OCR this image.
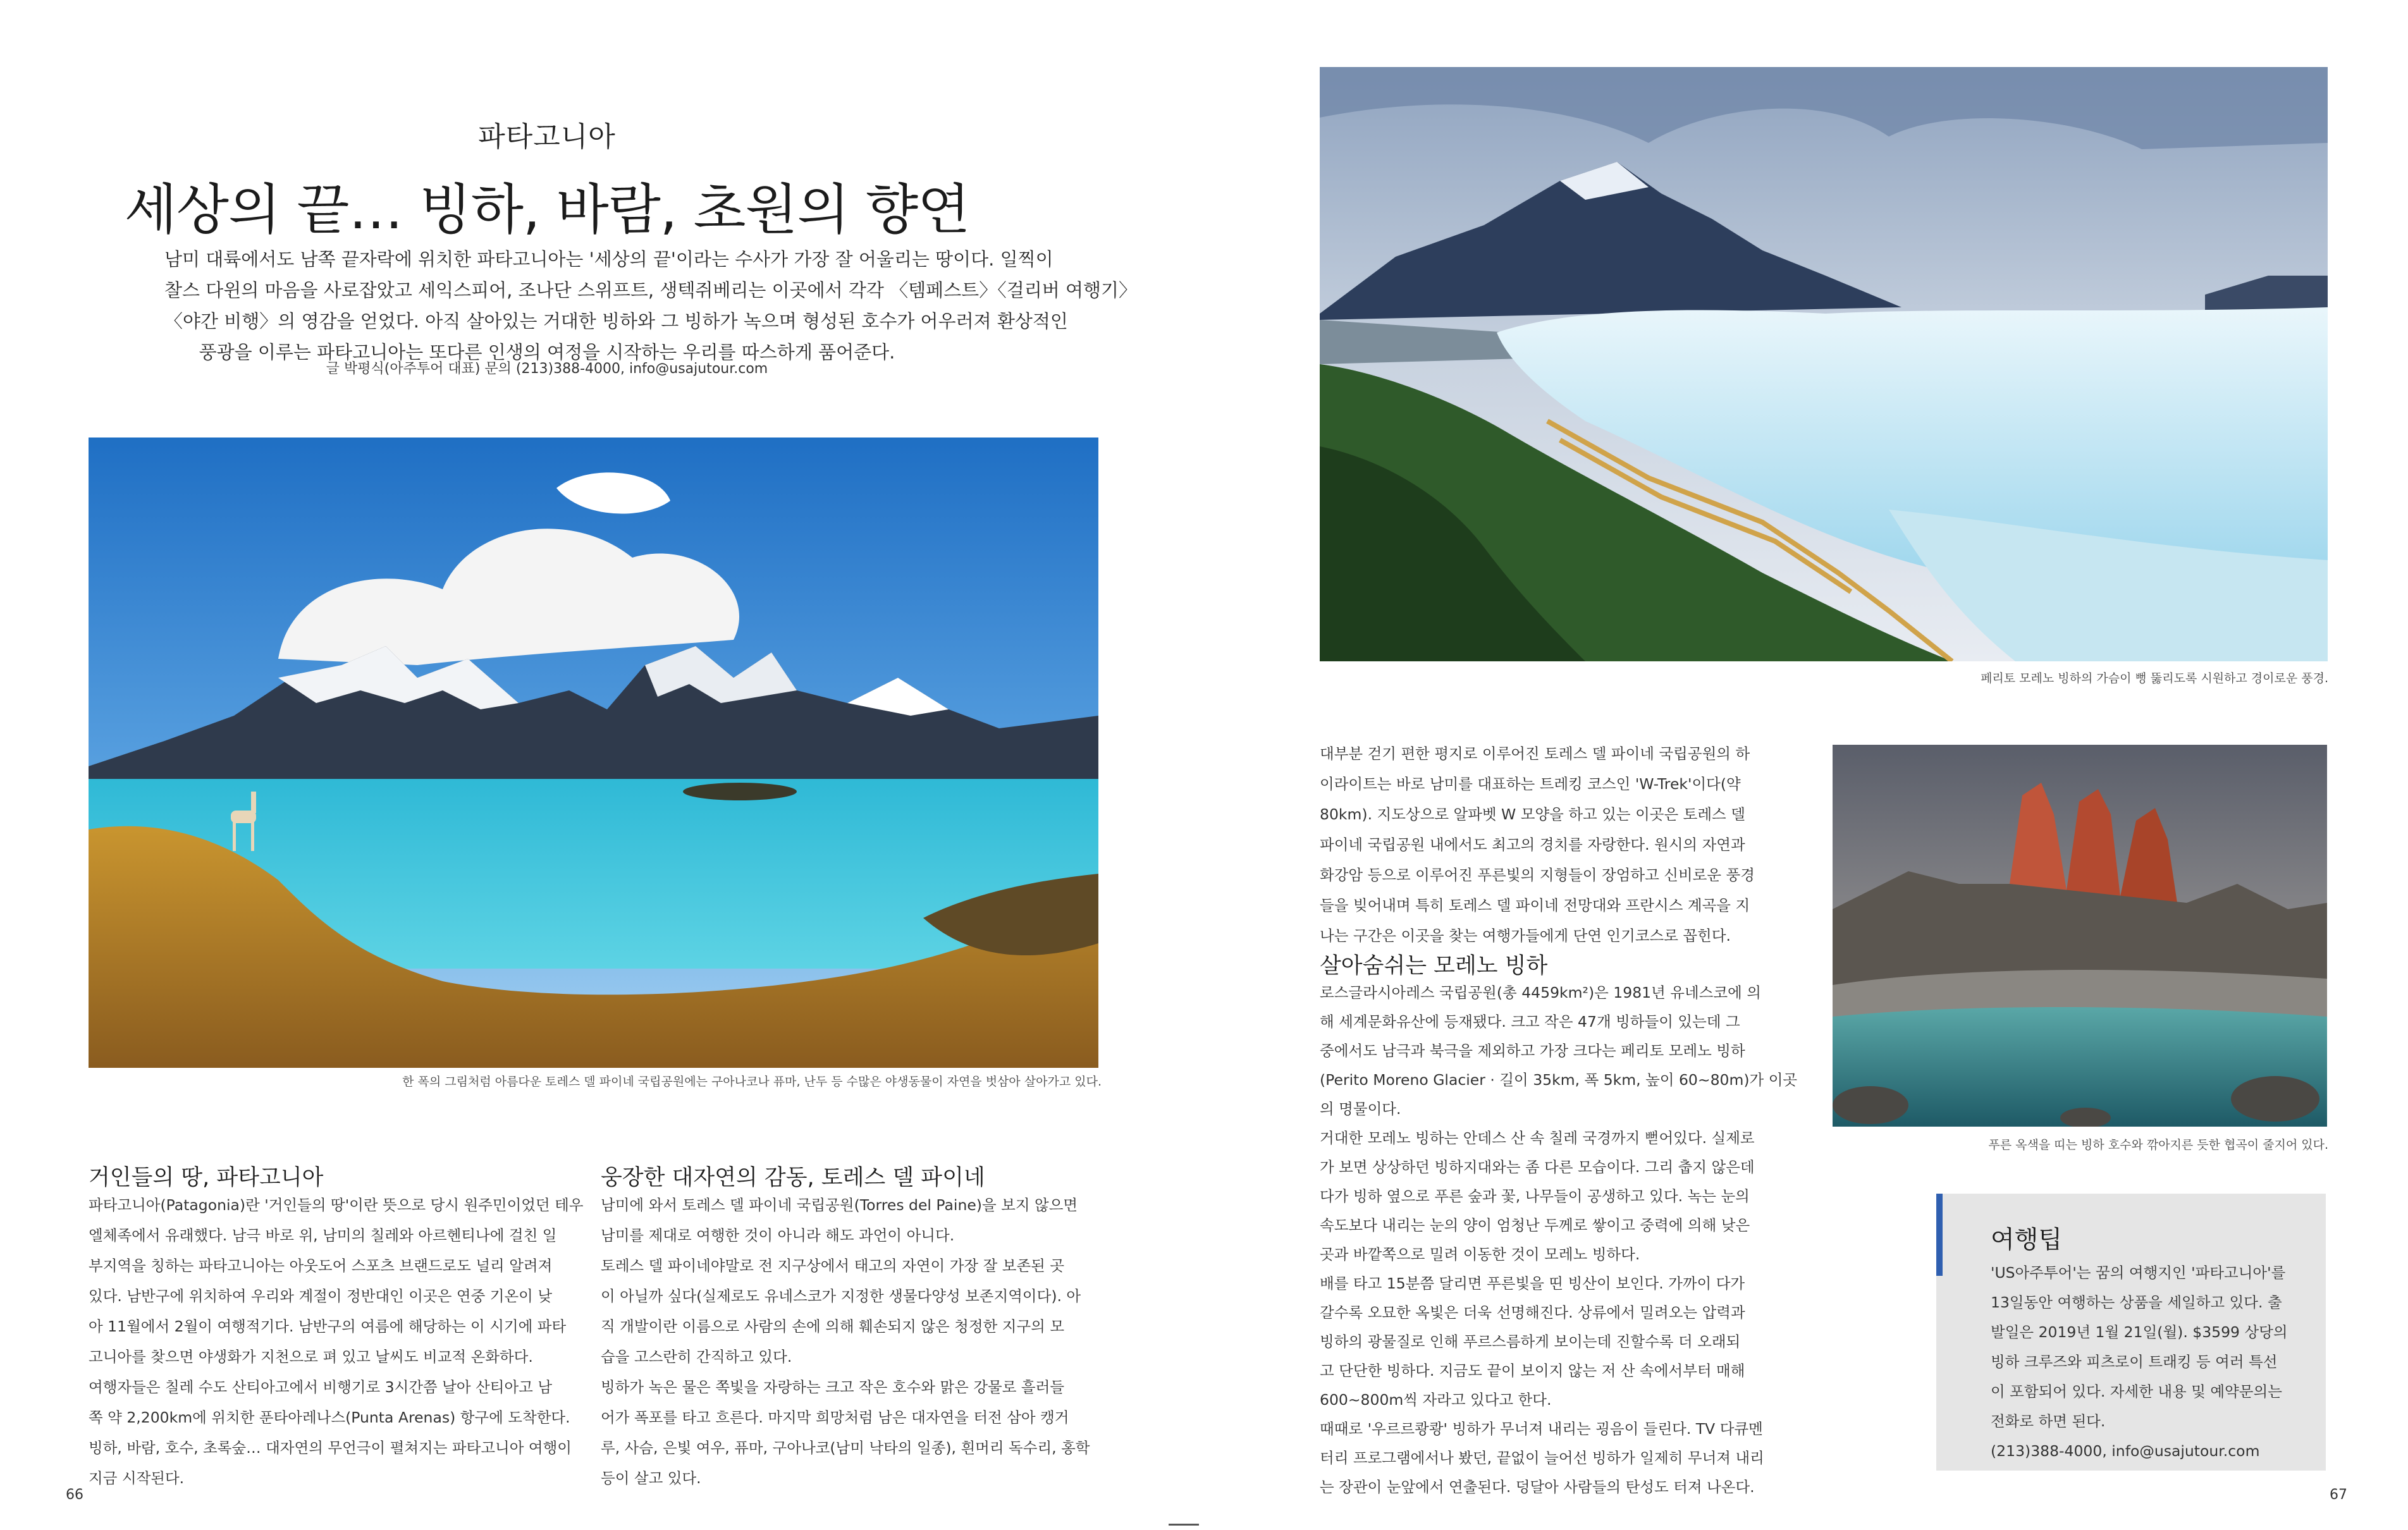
파타고니아
세상의 끝… 빙하, 바람, 초원의 향연

남미 대륙에서도 남쪽 끝자락에 위치한 파타고니아는 '세상의 끝'이라는 수사가 가장 잘 어울리는 땅이다. 일찍이

찰스 다윈의 마음을 사로잡았고 세익스피어, 조나단 스위프트, 생텍쥐베리는 이곳에서 각각 〈템페스트〉〈걸리버 여행기〉

〈야간 비행〉의 영감을 얻었다. 아직 살아있는 거대한 빙하와 그 빙하가 녹으며 형성된 호수가 어우러져 환상적인

풍광을 이루는 파타고니아는 또다른 인생의 여정을 시작하는 우리를 따스하게 품어준다.

글 박평식(아주투어 대표) 문의 (213)388-4000, info@usajutour.com
한 폭의 그림처럼 아름다운 토레스 델 파이네 국립공원에는 구아나코나 퓨마, 난두 등 수많은 야생동물이 자연을 벗삼아 살아가고 있다.
거인들의 땅, 파타고니아

파타고니아(Patagonia)란 '거인들의 땅'이란 뜻으로 당시 원주민이었던 테우

엘체족에서 유래했다. 남극 바로 위, 남미의 칠레와 아르헨티나에 걸친 일

부지역을 칭하는 파타고니아는 아웃도어 스포츠 브랜드로도 널리 알려져

있다. 남반구에 위치하여 우리와 계절이 정반대인 이곳은 연중 기온이 낮

아 11월에서 2월이 여행적기다. 남반구의 여름에 해당하는 이 시기에 파타

고니아를 찾으면 야생화가 지천으로 펴 있고 날씨도 비교적 온화하다.

여행자들은 칠레 수도 산티아고에서 비행기로 3시간쯤 날아 산티아고 남

쪽 약 2,200km에 위치한 푼타아레나스(Punta Arenas) 항구에 도착한다.

빙하, 바람, 호수, 초록숲… 대자연의 무언극이 펼쳐지는 파타고니아 여행이

지금 시작된다.

웅장한 대자연의 감동, 토레스 델 파이네

남미에 와서 토레스 델 파이네 국립공원(Torres del Paine)을 보지 않으면

남미를 제대로 여행한 것이 아니라 해도 과언이 아니다.

토레스 델 파이네야말로 전 지구상에서 태고의 자연이 가장 잘 보존된 곳

이 아닐까 싶다(실제로도 유네스코가 지정한 생물다양성 보존지역이다). 아

직 개발이란 이름으로 사람의 손에 의해 훼손되지 않은 청정한 지구의 모

습을 고스란히 간직하고 있다.

빙하가 녹은 물은 쪽빛을 자랑하는 크고 작은 호수와 맑은 강물로 흘러들

어가 폭포를 타고 흐른다. 마지막 희망처럼 남은 대자연을 터전 삼아 캥거

루, 사슴, 은빛 여우, 퓨마, 구아나코(남미 낙타의 일종), 흰머리 독수리, 홍학

등이 살고 있다.

66
페리토 모레노 빙하의 가슴이 뻥 뚫리도록 시원하고 경이로운 풍경.

대부분 걷기 편한 평지로 이루어진 토레스 델 파이네 국립공원의 하

이라이트는 바로 남미를 대표하는 트레킹 코스인 'W-Trek'이다(약

80km). 지도상으로 알파벳 W 모양을 하고 있는 이곳은 토레스 델

파이네 국립공원 내에서도 최고의 경치를 자랑한다. 원시의 자연과

화강암 등으로 이루어진 푸른빛의 지형들이 장엄하고 신비로운 풍경

들을 빚어내며 특히 토레스 델 파이네 전망대와 프란시스 계곡을 지

나는 구간은 이곳을 찾는 여행가들에게 단연 인기코스로 꼽힌다.

푸른 옥색을 띠는 빙하 호수와 깎아지른 듯한 협곡이 줄지어 있다.
살아숨쉬는 모레노 빙하

로스글라시아레스 국립공원(총 4459km²)은 1981년 유네스코에 의

해 세계문화유산에 등재됐다. 크고 작은 47개 빙하들이 있는데 그

중에서도 남극과 북극을 제외하고 가장 크다는 페리토 모레노 빙하

(Perito Moreno Glacier · 길이 35km, 폭 5km, 높이 60~80m)가 이곳

의 명물이다.

거대한 모레노 빙하는 안데스 산 속 칠레 국경까지 뻗어있다. 실제로

가 보면 상상하던 빙하지대와는 좀 다른 모습이다. 그리 춥지 않은데

다가 빙하 옆으로 푸른 숲과 꽃, 나무들이 공생하고 있다. 녹는 눈의

속도보다 내리는 눈의 양이 엄청난 두께로 쌓이고 중력에 의해 낮은

곳과 바깥쪽으로 밀려 이동한 것이 모레노 빙하다.

배를 타고 15분쯤 달리면 푸른빛을 띤 빙산이 보인다. 가까이 다가

갈수록 오묘한 옥빛은 더욱 선명해진다. 상류에서 밀려오는 압력과

빙하의 광물질로 인해 푸르스름하게 보이는데 진할수록 더 오래되

고 단단한 빙하다. 지금도 끝이 보이지 않는 저 산 속에서부터 매해

600~800m씩 자라고 있다고 한다.

때때로 '우르르쾅쾅' 빙하가 무너져 내리는 굉음이 들린다. TV 다큐멘

터리 프로그램에서나 봤던, 끝없이 늘어선 빙하가 일제히 무너져 내리

는 장관이 눈앞에서 연출된다. 덩달아 사람들의 탄성도 터져 나온다.

여행팁

'US아주투어'는 꿈의 여행지인 '파타고니아'를

13일동안 여행하는 상품을 세일하고 있다. 출

발일은 2019년 1월 21일(월). $3599 상당의

빙하 크루즈와 피츠로이 트래킹 등 여러 특선

이 포함되어 있다. 자세한 내용 및 예약문의는

전화로 하면 된다.

(213)388-4000, info@usajutour.com

67
